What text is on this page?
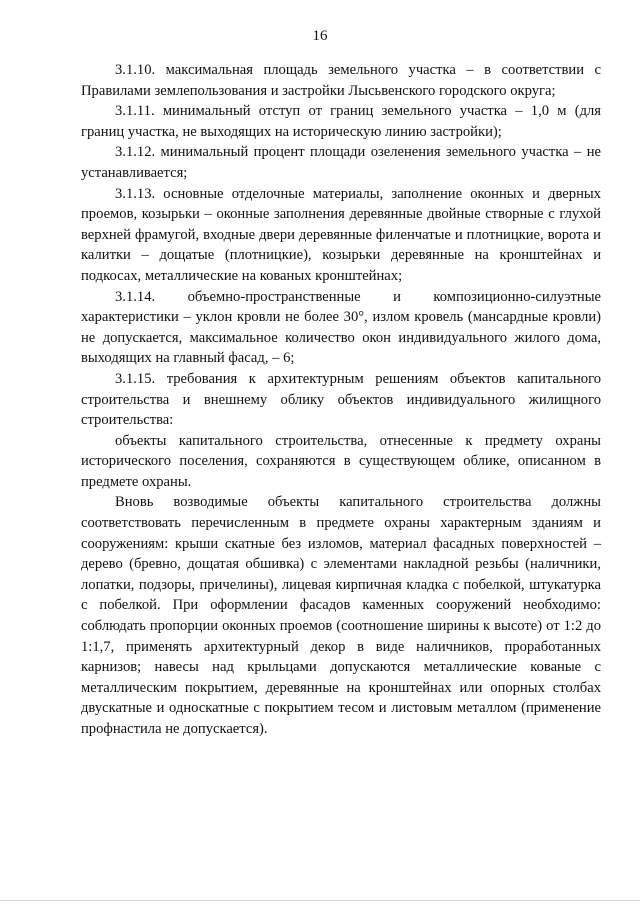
16

3.1.10. максимальная площадь земельного участка – в соответствии с Правилами землепользования и застройки Лысьвенского городского округа;

3.1.11. минимальный отступ от границ земельного участка – 1,0 м (для границ участка, не выходящих на историческую линию застройки);

3.1.12. минимальный процент площади озеленения земельного участка – не устанавливается;

3.1.13. основные отделочные материалы, заполнение оконных и дверных проемов, козырьки – оконные заполнения деревянные двойные створные с глухой верхней фрамугой, входные двери деревянные филенчатые и плотницкие, ворота и калитки – дощатые (плотницкие), козырьки деревянные на кронштейнах и подкосах, металлические на кованых кронштейнах;

3.1.14. объемно-пространственные и композиционно-силуэтные характеристики – уклон кровли не более 30°, излом кровель (мансардные кровли) не допускается, максимальное количество окон индивидуального жилого дома, выходящих на главный фасад, – 6;

3.1.15. требования к архитектурным решениям объектов капитального строительства и внешнему облику объектов индивидуального жилищного строительства:

объекты капитального строительства, отнесенные к предмету охраны исторического поселения, сохраняются в существующем облике, описанном в предмете охраны.

Вновь возводимые объекты капитального строительства должны соответствовать перечисленным в предмете охраны характерным зданиям и сооружениям: крыши скатные без изломов, материал фасадных поверхностей – дерево (бревно, дощатая обшивка) с элементами накладной резьбы (наличники, лопатки, подзоры, причелины), лицевая кирпичная кладка с побелкой, штукатурка с побелкой. При оформлении фасадов каменных сооружений необходимо: соблюдать пропорции оконных проемов (соотношение ширины к высоте) от 1:2 до 1:1,7, применять архитектурный декор в виде наличников, проработанных карнизов; навесы над крыльцами допускаются металлические кованые с металлическим покрытием, деревянные на кронштейнах или опорных столбах двускатные и односкатные с покрытием тесом и листовым металлом (применение профнастила не допускается).
